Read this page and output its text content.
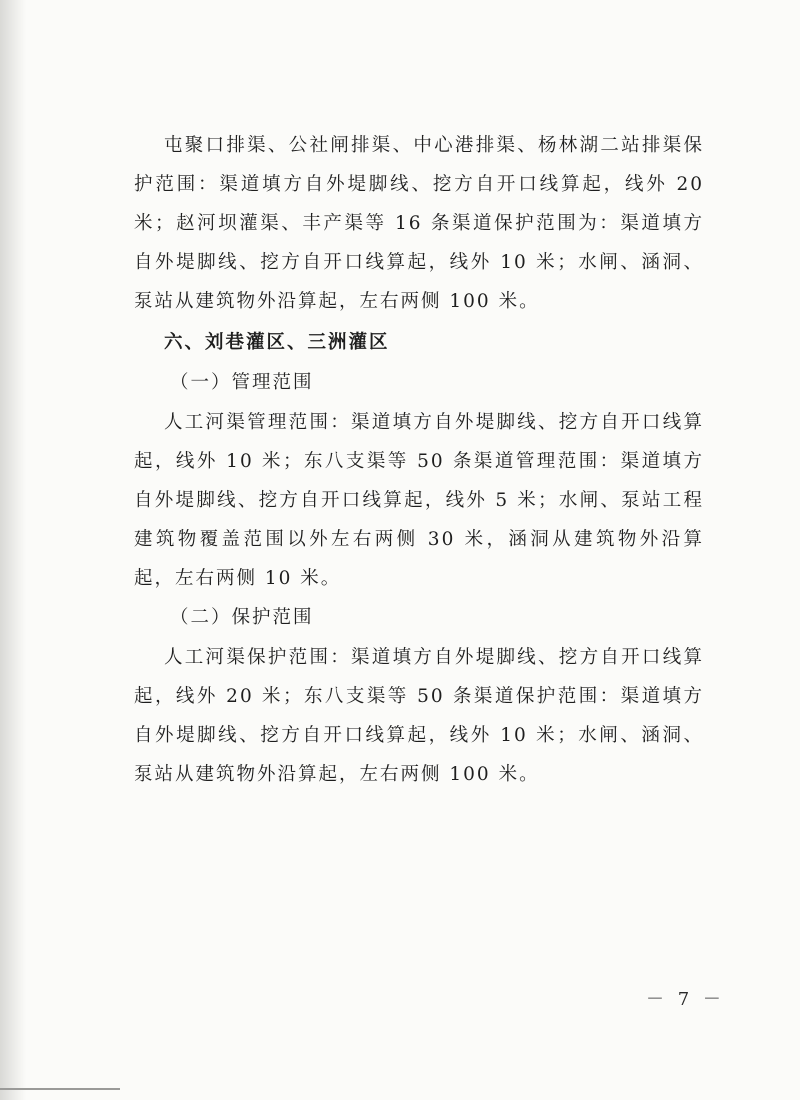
屯聚口排渠、公社闸排渠、中心港排渠、杨林湖二站排渠保护范围：渠道填方自外堤脚线、挖方自开口线算起，线外 20 米；赵河坝灌渠、丰产渠等 16 条渠道保护范围为：渠道填方自外堤脚线、挖方自开口线算起，线外 10 米；水闸、涵洞、泵站从建筑物外沿算起，左右两侧 100 米。

六、刘巷灌区、三洲灌区

（一）管理范围

人工河渠管理范围：渠道填方自外堤脚线、挖方自开口线算起，线外 10 米；东八支渠等 50 条渠道管理范围：渠道填方自外堤脚线、挖方自开口线算起，线外 5 米；水闸、泵站工程建筑物覆盖范围以外左右两侧 30 米，涵洞从建筑物外沿算起，左右两侧 10 米。

（二）保护范围

人工河渠保护范围：渠道填方自外堤脚线、挖方自开口线算起，线外 20 米；东八支渠等 50 条渠道保护范围：渠道填方自外堤脚线、挖方自开口线算起，线外 10 米；水闸、涵洞、泵站从建筑物外沿算起，左右两侧 100 米。

－ 7 －
